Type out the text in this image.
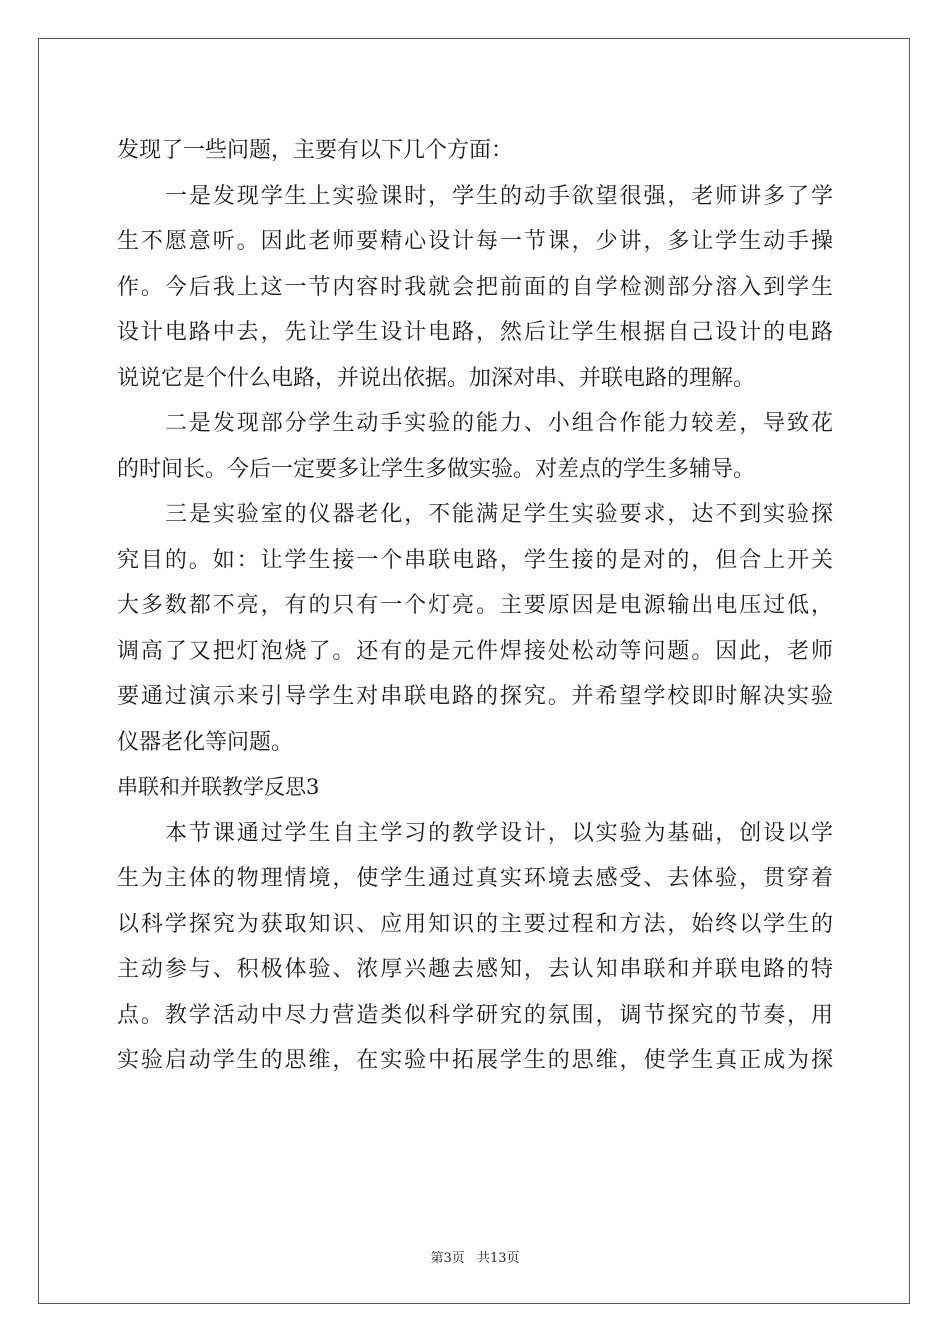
发现了一些问题，主要有以下几个方面：
一是发现学生上实验课时，学生的动手欲望很强，老师讲多了学
生不愿意听。因此老师要精心设计每一节课，少讲，多让学生动手操
作。今后我上这一节内容时我就会把前面的自学检测部分溶入到学生
设计电路中去，先让学生设计电路，然后让学生根据自己设计的电路
说说它是个什么电路，并说出依据。加深对串、并联电路的理解。
二是发现部分学生动手实验的能力、小组合作能力较差，导致花
的时间长。今后一定要多让学生多做实验。对差点的学生多辅导。
三是实验室的仪器老化，不能满足学生实验要求，达不到实验探
究目的。如：让学生接一个串联电路，学生接的是对的，但合上开关
大多数都不亮，有的只有一个灯亮。主要原因是电源输出电压过低，
调高了又把灯泡烧了。还有的是元件焊接处松动等问题。因此，老师
要通过演示来引导学生对串联电路的探究。并希望学校即时解决实验
仪器老化等问题。
串联和并联教学反思3
本节课通过学生自主学习的教学设计，以实验为基础，创设以学
生为主体的物理情境，使学生通过真实环境去感受、去体验，贯穿着
以科学探究为获取知识、应用知识的主要过程和方法，始终以学生的
主动参与、积极体验、浓厚兴趣去感知，去认知串联和并联电路的特
点。教学活动中尽力营造类似科学研究的氛围，调节探究的节奏，用
实验启动学生的思维，在实验中拓展学生的思维，使学生真正成为探
第3页 共13页
